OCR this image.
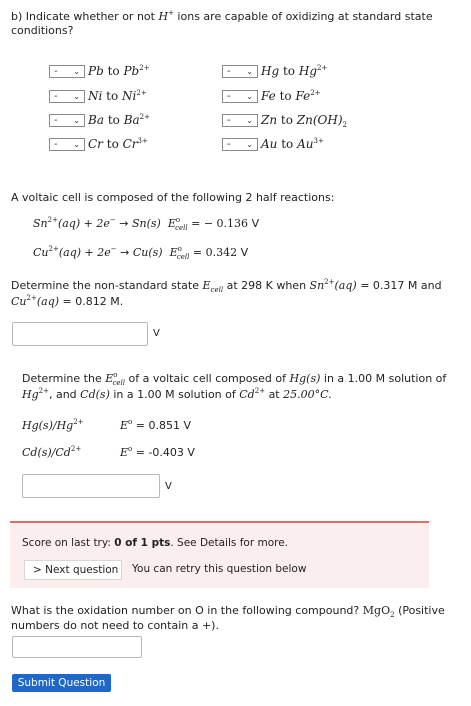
b) Indicate whether or not H+ ions are capable of oxidizing at standard state
conditions?
- ⌄ Pb to $Pb^{2+}$
- ⌄ Ni to $Ni^{2+}$
- ⌄ Ba to $Ba^{2+}$
- ⌄ Cr to $Cr^{3+}$
- ⌄ Hg to $Hg^{2+}$
- ⌄ Fe to $Fe^{2+}$
- ⌄ Zn to $Zn(OH)_2$
- ⌄ Au to $Au^{3+}$
A voltaic cell is composed of the following 2 half reactions:
$Sn^{2+}(aq) + 2e^- \to Sn(s) E^o_{cell}$ = − 0.136 V
$Cu^{2+}(aq) + 2e^- \to Cu(s) E^o_{cell} = 0.342$ V
Determine the non-standard state $E_{cell}$ at 298 K when $Sn^{2+}(aq) = 0.317$ M and
$Cu^{2+}(aq) = 0.812$ M.
V
Determine the $E^o_{cell}$ of a voltaic cell composed of Hg(s) in a 1.00 M solution of
$Hg^{2+}$, and Cd(s) in a 1.00 M solution of $Cd^{2+}$ at 25.00°C.
$Hg(s)/Hg^{2+}$	$E^o = 0.851$ V
$Cd(s)/Cd^{2+}$	$E^o = -0.403$ V
V
Score on last try: 0 of 1 pts. See Details for more.
> Next question	You can retry this question below
What is the oxidation number on O in the following compound? MgO$_2$ (Positive
numbers do not need to contain a +).
Submit Question
